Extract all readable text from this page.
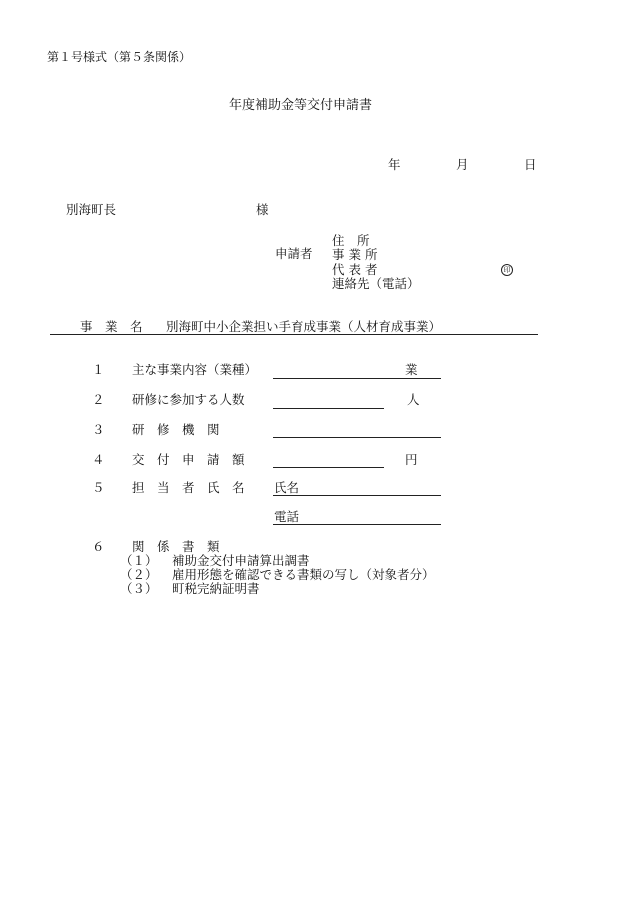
第１号様式（第５条関係）
年度補助金等交付申請書
年	月	日
別海町長	様
申請者
住　所
事 業 所
代 表 者	印
連絡先（電話）
事　業　名 別海町中小企業担い手育成事業（人材育成事業）
１ 主な事業内容（業種）	業
２ 研修に参加する人数	人
３ 研　修　機　関
４ 交　付　申　請　額	円
５ 担　当　者　氏　名 氏名
電話
６ 関　係　書　類
（１） 補助金交付申請算出調書
（２） 雇用形態を確認できる書類の写し（対象者分）
（３） 町税完納証明書
